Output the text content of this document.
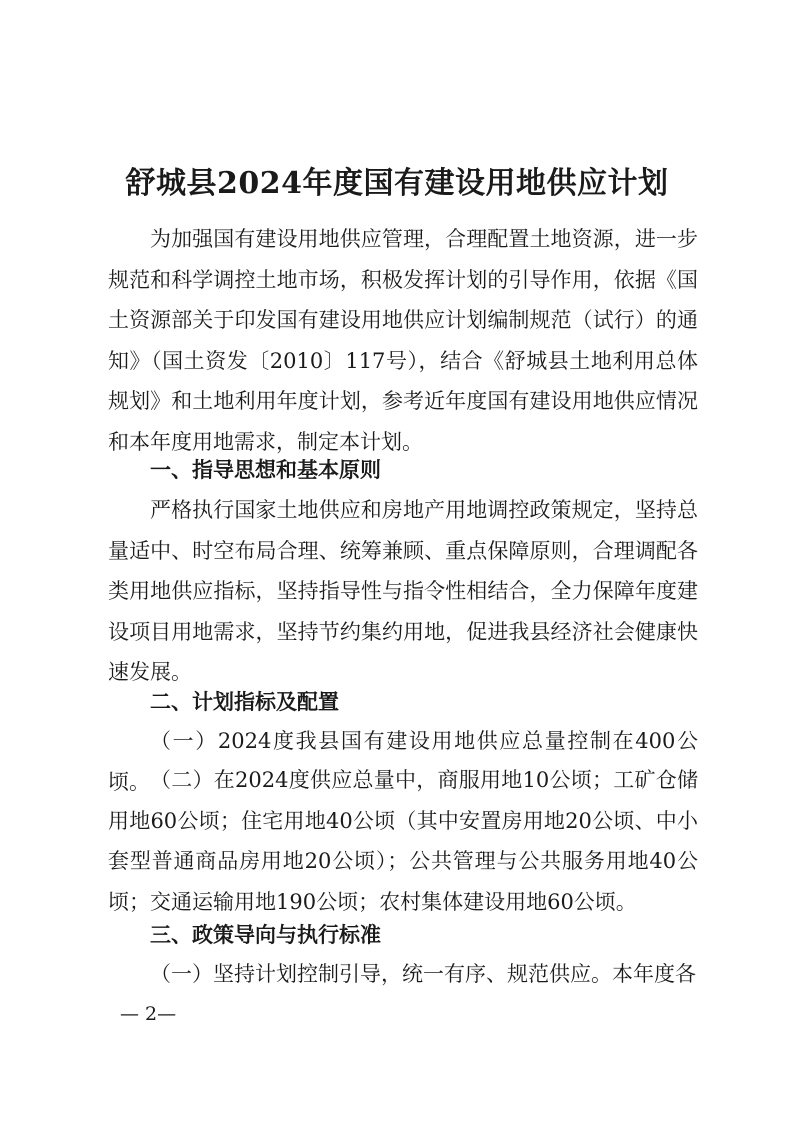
舒城县2024年度国有建设用地供应计划

为加强国有建设用地供应管理，合理配置土地资源，进一步规范和科学调控土地市场，积极发挥计划的引导作用，依据《国土资源部关于印发国有建设用地供应计划编制规范（试行）的通知》（国土资发〔2010〕117号），结合《舒城县土地利用总体规划》和土地利用年度计划，参考近年度国有建设用地供应情况和本年度用地需求，制定本计划。

一、指导思想和基本原则

严格执行国家土地供应和房地产用地调控政策规定，坚持总量适中、时空布局合理、统筹兼顾、重点保障原则，合理调配各类用地供应指标，坚持指导性与指令性相结合，全力保障年度建设项目用地需求，坚持节约集约用地，促进我县经济社会健康快速发展。

二、计划指标及配置

（一）2024度我县国有建设用地供应总量控制在400公顷。 （二）在2024度供应总量中，商服用地10公顷；工矿仓储用地60公顷；住宅用地40公顷（其中安置房用地20公顷、中小套型普通商品房用地20公顷）；公共管理与公共服务用地40公顷；交通运输用地190公顷；农村集体建设用地60公顷。

三、政策导向与执行标准

（一）坚持计划控制引导，统一有序、规范供应。本年度各

— 2—
